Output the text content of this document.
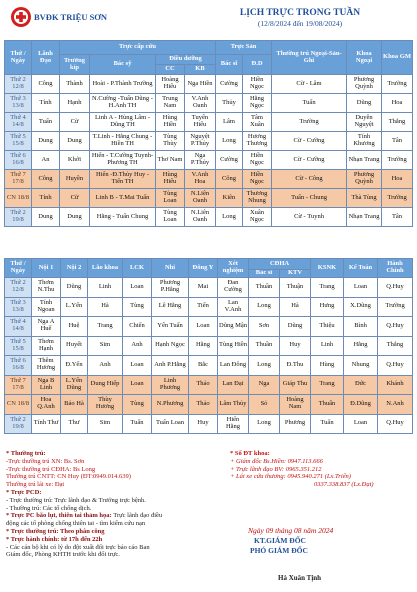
BVĐK TRIỆU SƠN	LỊCH TRỰC TRONG TUẦN
(12/8/2024 đến 19/08/2024)
Thứ / Ngày	Lãnh Đạo	Trực cấp cứu				Trực Sản		Thường trú Ngoại-Sản-Ghi	Khoa Ngoại	Khoa GM
		Trưởng kíp	Bác sỹ	Điều dưỡng		Bác sĩ	Đ.D			
				CC	KB					
Thứ 2 12/8	Công	Thành	Hoài - P.Thành Trường	Hoàng Hiếu	Nga Hiền	Cường	Hiền Ngọc	Cừ - Lâm	Phương Quỳnh	Trường
Thứ 3 13/8	Tính	Hạnh	N.Cường -Tuấn Dũng - H.Anh TH	Trung Nam	V.Anh Oanh	Thủy	Hằng Ngọc	Tuấn	Dũng	Hoa
Thứ 4 14/8	Tuấn	Cừ	Linh A - Hùng Lâm - Dũng TH	Hùng Hiền	Tuyến Hiếu	Lâm	Tâm Xuân	Trường	Duyên Nguyệt	Thắng
Thứ 5 15/8	Dung	Dung	T.Linh - Hằng Chung - Hiền TH	Tùng Thùy	Nguyệt P.Thủy	Long	Hương Thương	Cừ - Cường	Tính Khương	Tân
Thứ 6 16/8	An	Khởi	Hiển - T.Cường Tuynh-Phương TH	Thơ Nam	Nga P.Thủy	Cường	Hiền Ngọc	Cừ - Cường	Nhạn Trang	Trường
Thứ 7 17/8	Công	Huyền	Hiển -Đ.Thủy Huy - Tiến TH	Hùng Hiếu	V.Anh Hoa	Công	Hiền Ngọc	Cừ - Công	Phương Quỳnh	Hoa
CN 18/8	Tính	Cừ	Linh B - T.Mai Tuấn	Tùng Loan	N.Liên Oanh	Kiên	Thương Nhung	Tuấn - Chung	Thà Tùng	Trường
Thứ 2 19/8	Dung	Dung	Hằng - Tuấn Chung	Tùng Loan	N.Liên Oanh	Long	Xuân Ngọc	Cừ - Tuynh	Nhạn Trang	Tân
Thứ / Ngày	Nội 1	Nội 2	Lão khoa	LCK	Nhi	Đông Y	Xét nghiệm	CĐHA		KSNK	Kế Toán	Hành Chính
								Bác sĩ	KTV			
Thứ 2 12/8	Thơm N.Thu	Dũng	Linh	Loan	Phương P.Hằng	Mai	Đan Cường	Thuần	Thuận	Trang	Loan	Q.Huy
Thứ 3 13/8	Tính Ngoan	L.Yến	Hà	Tùng	Lê Hằng	Tiến	Lan V.Anh	Long	Hà	Hưng	X.Dũng	Trường
Thứ 4 14/8	Nga A Huế	Huệ	Trang	Chiến	Yến Tuấn	Loan	Dũng Mận	Sơn	Dũng	Thiệu	Bình	Q.Huy
Thứ 5 15/8	Thơm Hạnh	Huyết	Sim	Anh	Hạnh Ngọc	Hằng	Tùng Hiền	Thuần	Huy	Linh	Hằng	Thắng
Thứ 6 16/8	Thêm Hương	Đ.Yến	Anh	Loan	Anh P.Hằng	Bắc	Lan Đông	Long	Đ.Thu	Hùng	Nhung	Q.Huy
Thứ 7 17/8	Nga B Linh	L.Yến Dũng	Dung Hiếp	Loan	Linh Phương	Thảo	Lan Đại	Nga	Giáp Thu	Trang	Đức	Khánh
CN 18/8	Hoa Q.Anh	Bảo Hà	Thùy Hương	Tùng	N.Phương	Thảo	Lâm Thủy	Sỏ	Hoàng Nam	Thuấn	Đ.Dũng	N.Anh
Thứ 2 19/8	Tính Thư	Thư	Sim	Tuấn	Tuấn Loan	Huy	Hiển Hằng	Long	Phương	Tuấn	Loan	Q.Huy
* Thường trú:
-Trực thường trú XN: Bs. Sơn
-Trực thường trú CĐHA: Bs Long
Thường trú CNTT: CN Huy (ĐT:0949.014.639)
Thường trú lái xe: Đạt
* Trực PCD:
- Trực thường trú: Trực lãnh đạo & Trưởng trực bệnh.
- Thường trú: Các tổ chống dịch.
* Trực PC bão lụt, thiên tai thảm họa: Trực lãnh đạo điều
động các tổ phòng chống thiên tai - tìm kiếm cứu nạn
* Trực thường trú: Theo phân công
* Trực hành chính: từ 17h đến 22h
- Các cán bộ khi có lý do đột xuất đổi trực báo cáo Ban
Giám đốc, Phòng KHTH trước khi đổi trực.
* Số ĐT khoa:
+ Giám đốc Bs.Hiền: 0947.113.666
+ Trực lãnh đạo BV: 0965.351.212
+ Lái xe cứu thương: 0945.940.271 (Lx.Triển)
0337.338.837 (Lx.Đạt)
Ngày 09 tháng 08 năm 2024
KT.GIÁM ĐỐC
PHÓ GIÁM ĐỐC
Hà Xuân Tịnh
